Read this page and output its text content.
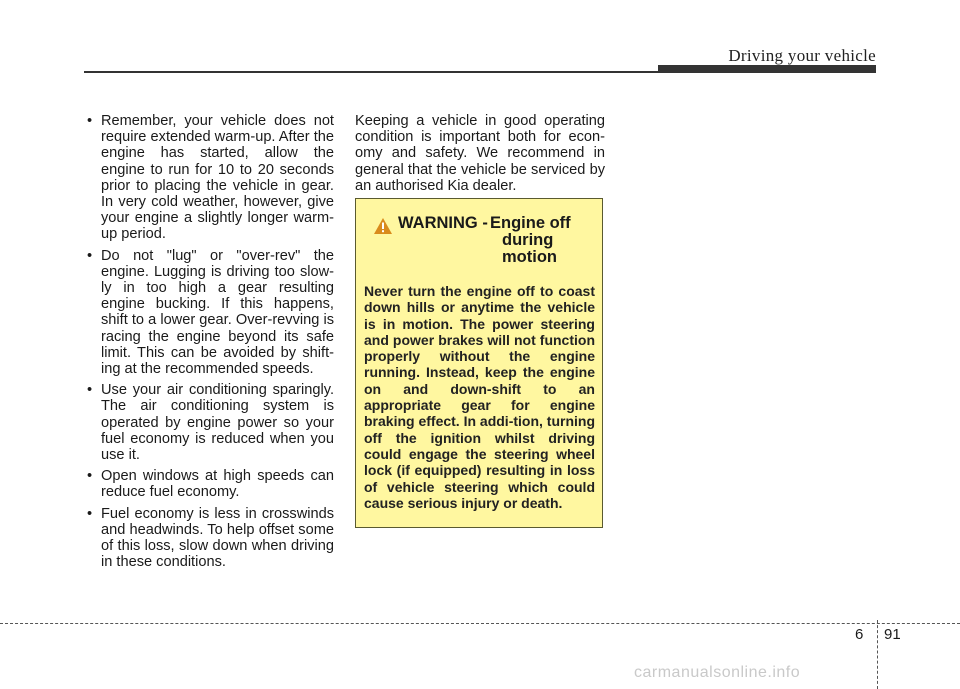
Driving your vehicle
• Remember, your vehicle does not require extended warm-up. After the engine has started, allow the engine to run for 10 to 20 seconds prior to placing the vehicle in gear. In very cold weather, however, give your engine a slightly longer warm-up period.
• Do not "lug" or "over-rev" the engine. Lugging is driving too slow-ly in too high a gear resulting engine bucking. If this happens, shift to a lower gear. Over-revving is racing the engine beyond its safe limit. This can be avoided by shift-ing at the recommended speeds.
• Use your air conditioning sparingly. The air conditioning system is operated by engine power so your fuel economy is reduced when you use it.
• Open windows at high speeds can reduce fuel economy.
• Fuel economy is less in crosswinds and headwinds. To help offset some of this loss, slow down when driving in these conditions.

Keeping a vehicle in good operating condition is important both for econ-omy and safety. We recommend in general that the vehicle be serviced by an authorised Kia dealer.

WARNING - Engine off
during
motion
Never turn the engine off to coast down hills or anytime the vehicle is in motion. The power steering and power brakes will not function properly without the engine running. Instead, keep the engine on and down-shift to an appropriate gear for engine braking effect. In addi-tion, turning off the ignition whilst driving could engage the steering wheel lock (if equipped) resulting in loss of vehicle steering which could cause serious injury or death.
6 91
carmanualsonline.info
